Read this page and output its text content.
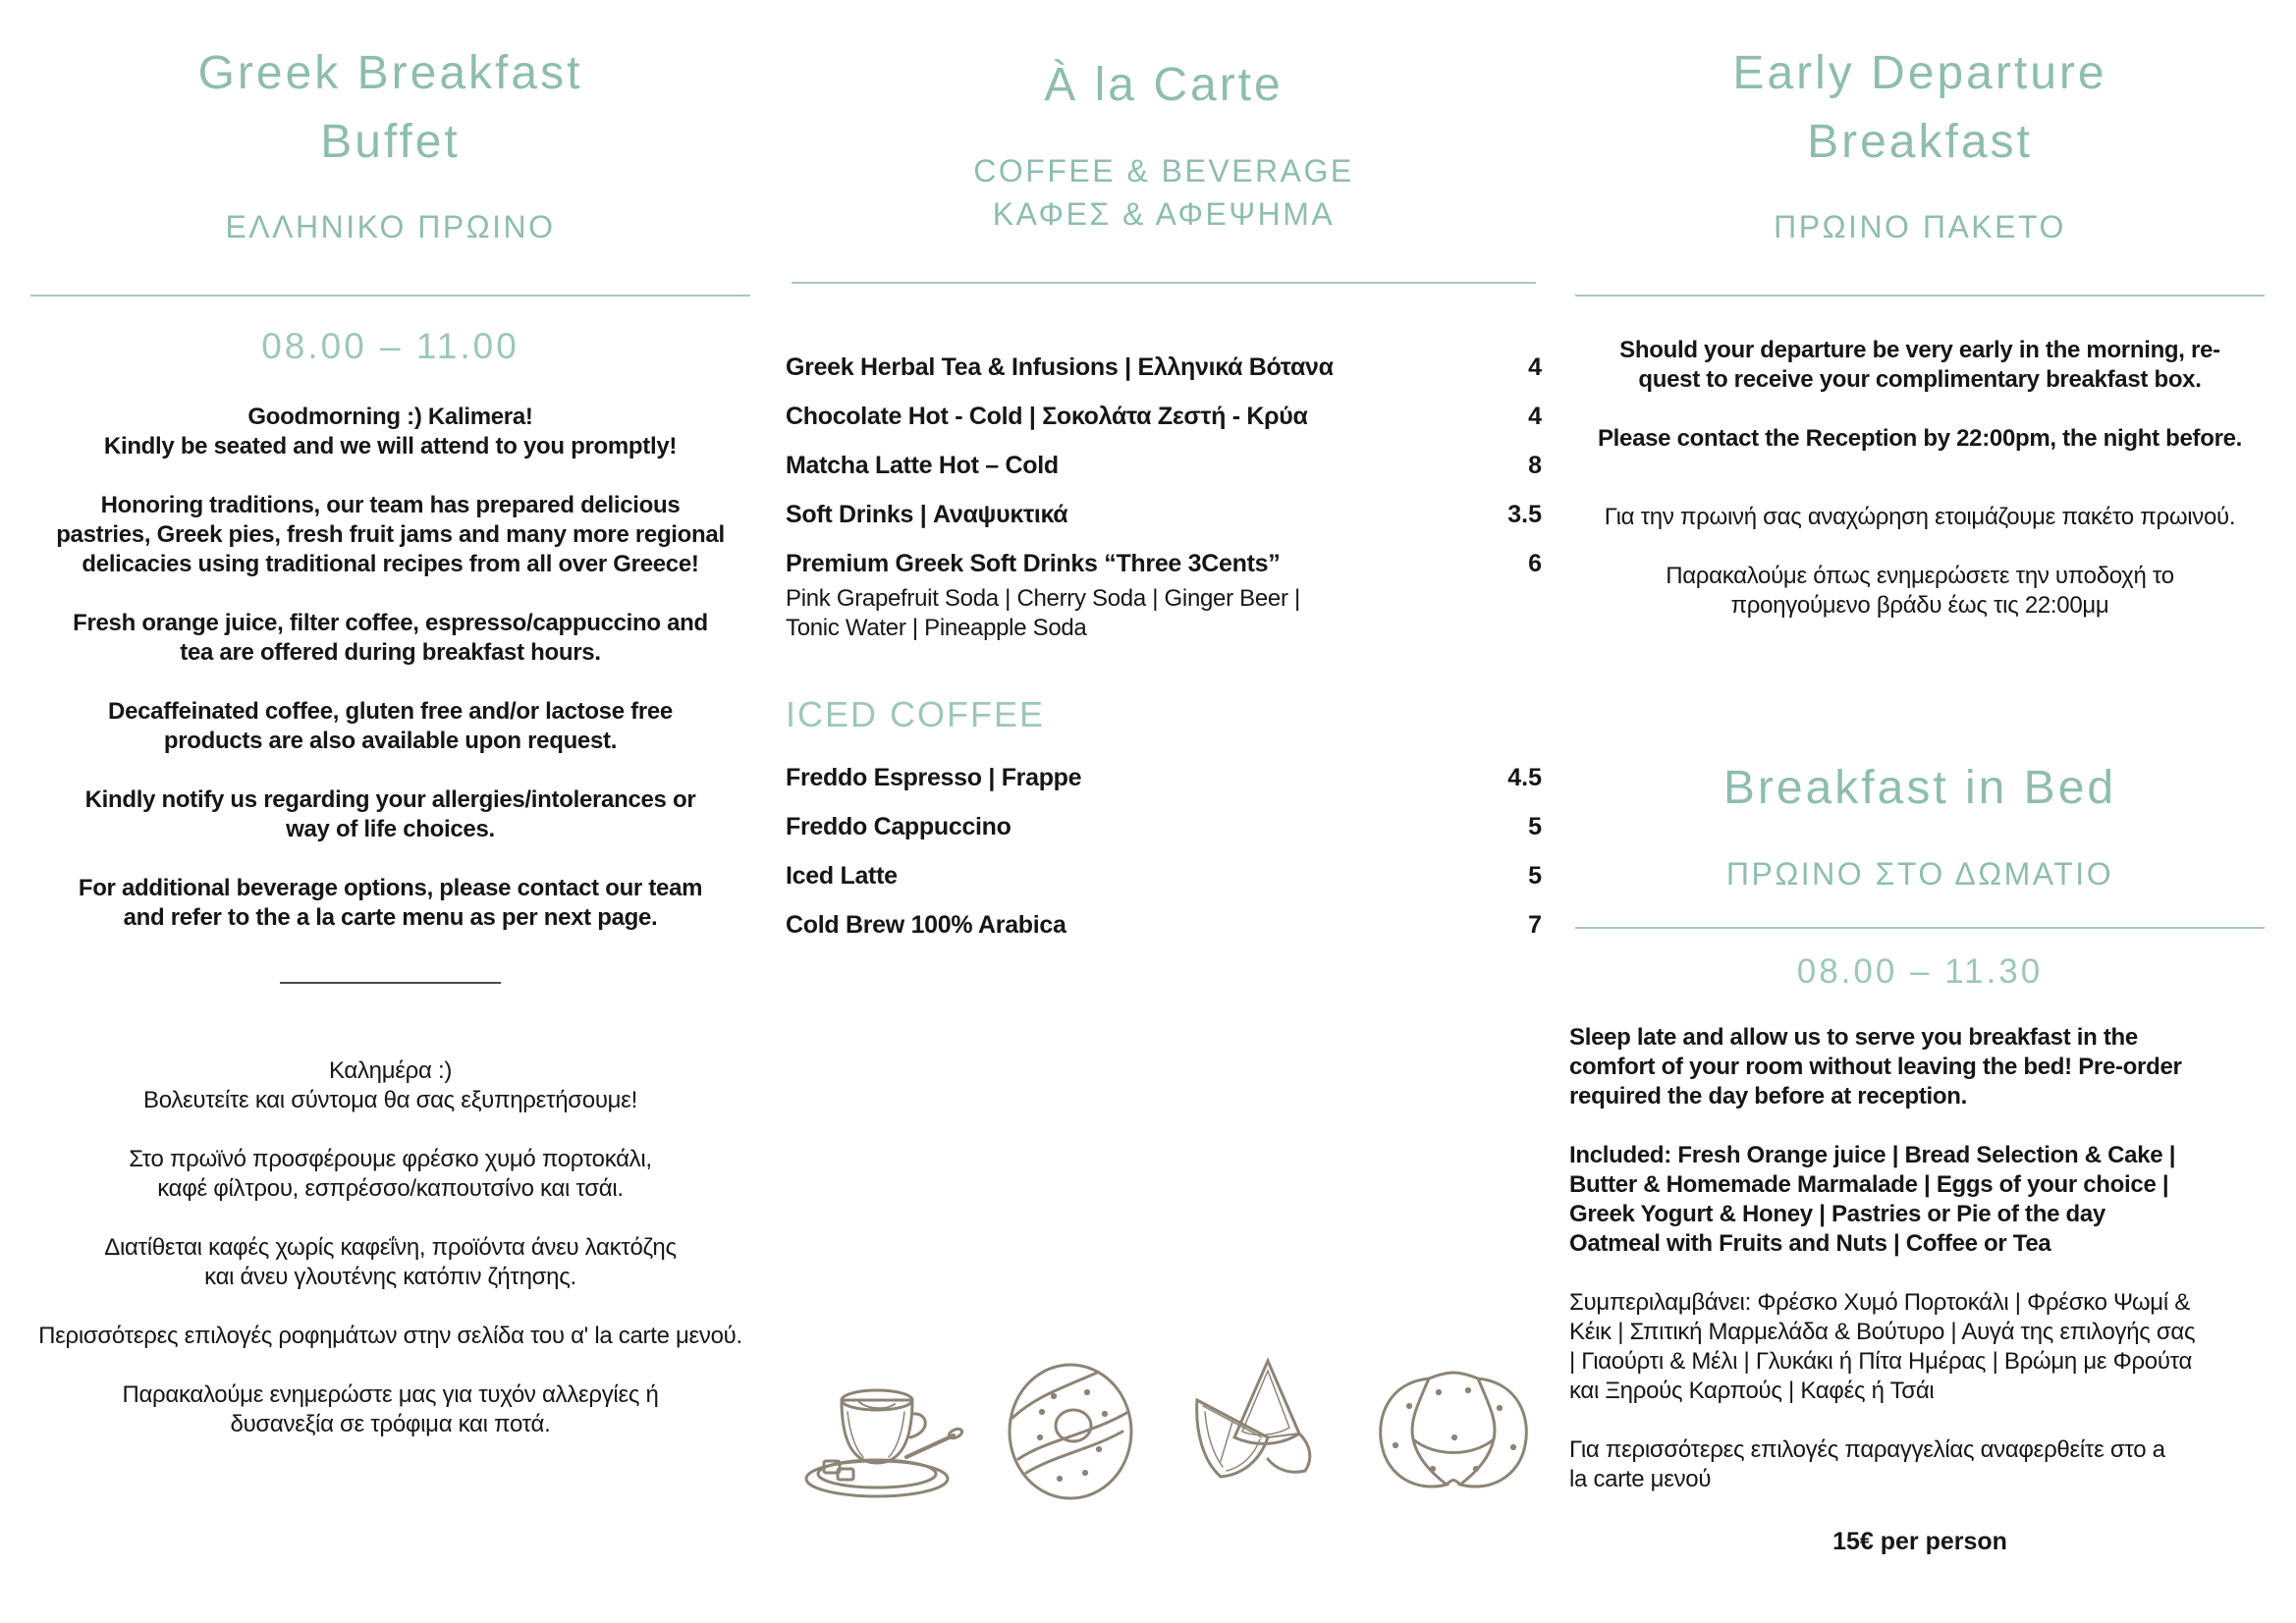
Greek Breakfast
Buffet
ΕΛΛΗΝΙΚΟ ΠΡΩΙΝΟ
08.00 – 11.00

Goodmorning :) Kalimera!
Kindly be seated and we will attend to you promptly!

Honoring traditions, our team has prepared delicious
pastries, Greek pies, fresh fruit jams and many more regional
delicacies using traditional recipes from all over Greece!

Fresh orange juice, filter coffee, espresso/cappuccino and
tea are offered during breakfast hours.

Decaffeinated coffee, gluten free and/or lactose free
products are also available upon request.

Kindly notify us regarding your allergies/intolerances or
way of life choices.

For additional beverage options, please contact our team
and refer to the a la carte menu as per next page.

Καλημέρα :)
Βολευτείτε και σύντομα θα σας εξυπηρετήσουμε!

Στο πρωϊνό προσφέρουμε φρέσκο χυμό πορτοκάλι,
καφέ φίλτρου, εσπρέσσο/καπουτσίνο και τσάι.

Διατίθεται καφές χωρίς καφεΐνη, προϊόντα άνευ λακτόζης
και άνευ γλουτένης κατόπιν ζήτησης.

Περισσότερες επιλογές ροφημάτων στην σελίδα του α' la carte μενού.

Παρακαλούμε ενημερώστε μας για τυχόν αλλεργίες ή
δυσανεξία σε τρόφιμα και ποτά.

À la Carte
COFFEE & BEVERAGE
ΚΑΦΕΣ & ΑΦΕΨΗΜΑ
Greek Herbal Tea & Infusions | Ελληνικά Βότανα	4
Chocolate Hot - Cold | Σοκολάτα Ζεστή - Κρύα	4
Matcha Latte Hot – Cold	8
Soft Drinks | Αναψυκτικά	3.5
Premium Greek Soft Drinks “Three 3Cents”	6
Pink Grapefruit Soda | Cherry Soda | Ginger Beer |
Tonic Water | Pineapple Soda
ICED COFFEE
Freddo Espresso | Frappe	4.5
Freddo Cappuccino	5
Iced Latte	5
Cold Brew 100% Arabica	7
Early Departure
Breakfast
ΠΡΩΙΝΟ ΠΑΚΕΤΟ

Should your departure be very early in the morning, re-
quest to receive your complimentary breakfast box.

Please contact the Reception by 22:00pm, the night before.

Για την πρωινή σας αναχώρηση ετοιμάζουμε πακέτο πρωινού.

Παρακαλούμε όπως ενημερώσετε την υποδοχή το
προηγούμενο βράδυ έως τις 22:00μμ

Breakfast in Bed
ΠΡΩΙΝΟ ΣΤΟ ΔΩΜΑΤΙΟ
08.00 – 11.30

Sleep late and allow us to serve you breakfast in the
comfort of your room without leaving the bed! Pre-order
required the day before at reception.

Included: Fresh Orange juice | Bread Selection & Cake |
Butter & Homemade Marmalade | Eggs of your choice |
Greek Yogurt & Honey | Pastries or Pie of the day
Oatmeal with Fruits and Nuts | Coffee or Tea

Συμπεριλαμβάνει: Φρέσκο Χυμό Πορτοκάλι | Φρέσκο Ψωμί &
Κέικ | Σπιτική Μαρμελάδα & Βούτυρο | Αυγά της επιλογής σας
| Γιαούρτι & Μέλι | Γλυκάκι ή Πίτα Ημέρας | Βρώμη με Φρούτα
και Ξηρούς Καρπούς | Καφές ή Τσάι

Για περισσότερες επιλογές παραγγελίας αναφερθείτε στο a
la carte μενού

15€ per person
